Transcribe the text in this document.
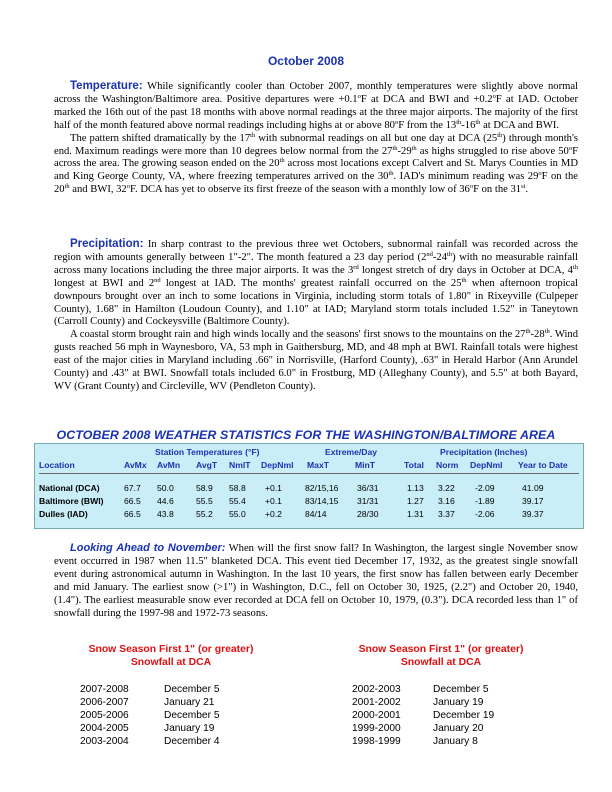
October 2008

Temperature: While significantly cooler than October 2007, monthly temperatures were slightly above normal across the Washington/Baltimore area. Positive departures were $+0.1^oF$ at DCA and BWI and $+0.2^oF$ at IAD. October marked the 16th out of the past 18 months with above normal readings at the three major airports. The majority of the first half of the month featured above normal readings including highs at or above 80$^o$F from the 13th-16th at DCA and BWI.

The pattern shifted dramatically by the 17th with subnormal readings on all but one day at DCA (25th) through month's end. Maximum readings were more than 10 degrees below normal from the 27th-29th as highs struggled to rise above 50$^o$F across the area. The growing season ended on the 20th across most locations except Calvert and St. Marys Counties in MD and King George County, VA, where freezing temperatures arrived on the 30th. IAD's minimum reading was 29$^o$F on the 20th and BWI, 32$^o$F. DCA has yet to observe its first freeze of the season with a monthly low of 36$^o$F on the 31st.

Precipitation: In sharp contrast to the previous three wet Octobers, subnormal rainfall was recorded across the region with amounts generally between 1"-2". The month featured a 23 day period (2nd-24th) with no measurable rainfall across many locations including the three major airports. It was the 3rd longest stretch of dry days in October at DCA, 4th longest at BWI and 2nd longest at IAD. The months' greatest rainfall occurred on the 25th when afternoon tropical downpours brought over an inch to some locations in Virginia, including storm totals of 1.80" in Rixeyville (Culpeper County), 1.68" in Hamilton (Loudoun County), and 1.10" at IAD; Maryland storm totals included 1.52" in Taneytown (Carroll County) and Cockeysville (Baltimore County).

A coastal storm brought rain and high winds locally and the seasons' first snows to the mountains on the 27th-28th. Wind gusts reached 56 mph in Waynesboro, VA, 53 mph in Gaithersburg, MD, and 48 mph at BWI. Rainfall totals were highest east of the major cities in Maryland including .66" in Norrisville, (Harford County), .63" in Herald Harbor (Ann Arundel County) and .43" at BWI. Snowfall totals included 6.0" in Frostburg, MD (Alleghany County), and 5.5" at both Bayard, WV (Grant County) and Circleville, WV (Pendleton County).

OCTOBER 2008 WEATHER STATISTICS FOR THE WASHINGTON/BALTIMORE AREA
Station Temperatures (°F)	Extreme/Day	Precipitation (Inches)
Location	AvMx AvMn AvgT NmlT DepNml MaxT	MinT	Total Norm DepNml Year to Date
National (DCA)	67.7 50.0	58.9 58.8 +0.1	82/15,16 36/31	1.13 3.22 -2.09	41.09
Baltimore (BWI) 66.5 44.6	55.5 55.4 +0.1	83/14,15 31/31	1.27 3.16 -1.89	39.17
Dulles (IAD)	66.5 43.8	55.2 55.0 +0.2	84/14	28/30	1.31 3.37 -2.06	39.37

Looking Ahead to November: When will the first snow fall? In Washington, the largest single November snow event occurred in 1987 when 11.5" blanketed DCA. This event tied December 17, 1932, as the greatest single snowfall event during astronomical autumn in Washington. In the last 10 years, the first snow has fallen between early December and mid January. The earliest snow (>1") in Washington, D.C., fell on October 30, 1925, (2.2") and October 20, 1940, (1.4"). The earliest measurable snow ever recorded at DCA fell on October 10, 1979, (0.3"). DCA recorded less than 1" of snowfall during the 1997-98 and 1972-73 seasons.

Snow Season First 1" (or greater)
Snowfall at DCA
Snow Season First 1" (or greater)
Snowfall at DCA
2007-2008	December 5
2006-2007	January 21
2005-2006	December 5
2004-2005	January 19
2003-2004	December 4
2002-2003	December 5
2001-2002	January 19
2000-2001	December 19
1999-2000	January 20
1998-1999	January 8
